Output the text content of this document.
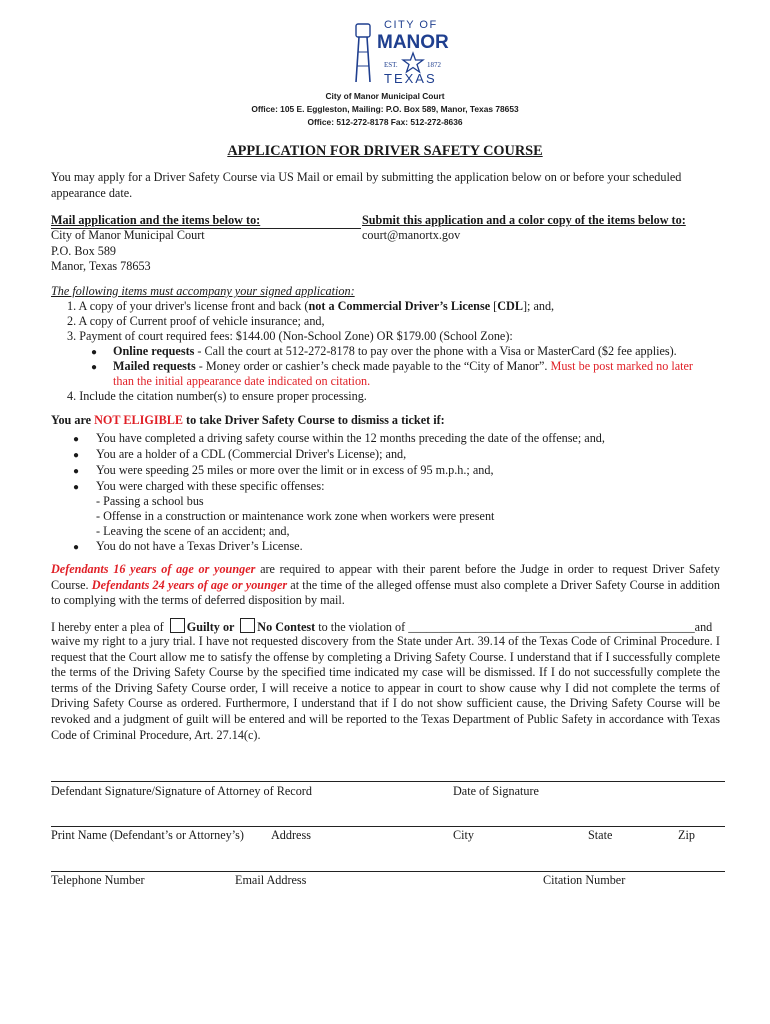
CITY OF
MANOR
EST.	1872
TEXAS
City of Manor Municipal Court
Office: 105 E. Eggleston, Mailing: P.O. Box 589, Manor, Texas 78653
Office: 512-272-8178 Fax: 512-272-8636
APPLICATION FOR DRIVER SAFETY COURSE
You may apply for a Driver Safety Course via US Mail or email by submitting the application below on or before your scheduled appearance date.
Mail application and the items below to:	Submit this application and a color copy of the items below to:
City of Manor Municipal Court
P.O. Box 589
Manor, Texas 78653
court@manortx.gov
The following items must accompany your signed application:
1. A copy of your driver's license front and back (not a Commercial Driver’s License [CDL]; and,
2. A copy of Current proof of vehicle insurance; and,
3. Payment of court required fees: $144.00 (Non-School Zone) OR $179.00 (School Zone):
● Online requests - Call the court at 512-272-8178 to pay over the phone with a Visa or MasterCard ($2 fee applies).
● Mailed requests - Money order or cashier’s check made payable to the “City of Manor”. Must be post marked no later
than the initial appearance date indicated on citation.
4. Include the citation number(s) to ensure proper processing.
You are NOT ELIGIBLE to take Driver Safety Course to dismiss a ticket if:
● You have completed a driving safety course within the 12 months preceding the date of the offense; and,
● You are a holder of a CDL (Commercial Driver's License); and,
● You were speeding 25 miles or more over the limit or in excess of 95 m.p.h.; and,
● You were charged with these specific offenses:
- Passing a school bus
- Offense in a construction or maintenance work zone when workers were present
- Leaving the scene of an accident; and,
● You do not have a Texas Driver’s License.
Defendants 16 years of age or younger are required to appear with their parent before the Judge in order to request Driver Safety Course. Defendants 24 years of age or younger at the time of the alleged offense must also complete a Driver Safety Course in addition to complying with the terms of deferred disposition by mail.
I hereby enter a plea of Guilty or No Contest to the violation of _______________________________________________and
waive my right to a jury trial. I have not requested discovery from the State under Art. 39.14 of the Texas Code of Criminal Procedure. I request that the Court allow me to satisfy the offense by completing a Driving Safety Course. I understand that if I successfully complete the terms of the Driving Safety Course by the specified time indicated my case will be dismissed. If I do not successfully complete the terms of the Driving Safety Course order, I will receive a notice to appear in court to show cause why I did not complete the terms of Driving Safety Course as ordered. Furthermore, I understand that if I do not show sufficient cause, the Driving Safety Course will be revoked and a judgment of guilt will be entered and will be reported to the Texas Department of Public Safety in accordance with Texas Code of Criminal Procedure, Art. 27.14(c).
Defendant Signature/Signature of Attorney of Record	Date of Signature
Print Name (Defendant’s or Attorney’s) Address	City	State	Zip
Telephone Number	Email Address	Citation Number
